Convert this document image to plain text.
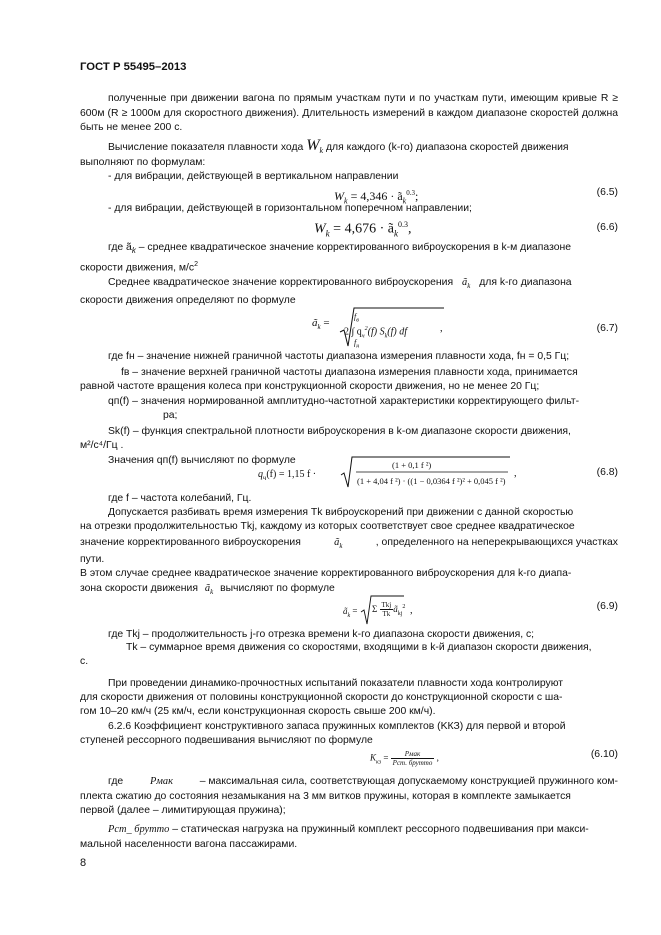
ГОСТ Р 55495–2013
полученные при движении вагона по прямым участкам пути и по участкам пути, имеющим кривые R ≥ 600м (R ≥ 1000м для скоростного движения). Длительность измерений в каждом диапазоне скоростей должна быть не менее 200 с.
Вычисление показателя плавности хода $W_k$ для каждого (k-го) диапазона скоростей движения
выполняют по формулам:
- для вибрации, действующей в вертикальном направлении
$W_k = 4,346$ · $ã_k^{0.3}$;	(6.5)
- для вибрации, действующей в горизонтальном поперечном направлении;
$W_k = 4,676$ · $ã_k^{0.3}$,	(6.6)
где $ã_k$ – среднее квадратическое значение корректированного виброускорения в k-м диапазоне
скорости движения, $м/с^2$
Среднее квадратическое значение корректированного виброускорения $ã_k$ для k-го диапазона
скорости движения определяют по формуле
$ã_k$ =
$f_в$
$f_н$
2 ∫ $q_ч^2(f)$ $S_k(f)$ df	,	(6.7)
где fн – значение нижней граничной частоты диапазона измерения плавности хода, fн = 0,5 Гц;
fв – значение верхней граничной частоты диапазона измерения плавности хода, принимается
равной частоте вращения колеса при конструкционной скорости движения, но не менее 20 Гц;
qп(f) – значения нормированной амплитудно-частотной характеристики корректирующего фильт-
ра;
Sk(f) – функция спектральной плотности виброускорения в k-ом диапазоне скорости движения,
м²/с⁴/Гц .
Значения qп(f) вычисляют по формуле
$q_ч(f) = 1,15$ f ·
(1 + 0,1 f ²)
(1 + 4,04 f ²) · ((1 − 0,0364 f ²)² + 0,045 f ²)
,	(6.8)
где f – частота колебаний, Гц.
Допускается разбивать время измерения Tk виброускорений при движении с данной скоростью
на отрезки продолжительностью Tkj, каждому из которых соответствует свое среднее квадратическое
значение корректированного виброускорения	$ã_k$	, определенного на неперекрывающихся участках
пути.
В этом случае среднее квадратическое значение корректированного виброускорения для k-го диапа-
зона скорости движения $ã_k$ вычисляют по формуле
$ã_k = \Sigma \frac{\text{Tkj}}{Tk}$ $ã_{kj}^2$ ,	(6.9)
где Tkj – продолжительность j-го отрезка времени k-го диапазона скорости движения, с;
Tk – суммарное время движения со скоростями, входящими в k-й диапазон скорости движения,
с.
При проведении динамико-прочностных испытаний показатели плавности хода контролируют
для скорости движения от половины конструкционной скорости до конструкционной скорости с ша-
гом 10–20 км/ч (25 км/ч, если конструкционная скорость свыше 200 км/ч).
6.2.6 Коэффициент конструктивного запаса пружинных комплектов (KКЗ) для первой и второй
ступеней рессорного подвешивания вычисляют по формуле
$K_{кз} = \frac{\text{Pмак}}{\text{Pст. брутто}}$ ,	(6.10)
где	Pмак	– максимальная сила, соответствующая допускаемому конструкцией пружинного ком-
плекта сжатию до состояния незамыкания на 3 мм витков пружины, которая в комплекте замыкается
первой (далее – лимитирующая пружина);
Pст_ брутто – статическая нагрузка на пружинный комплект рессорного подвешивания при макси-
мальной населенности вагона пассажирами.
8
